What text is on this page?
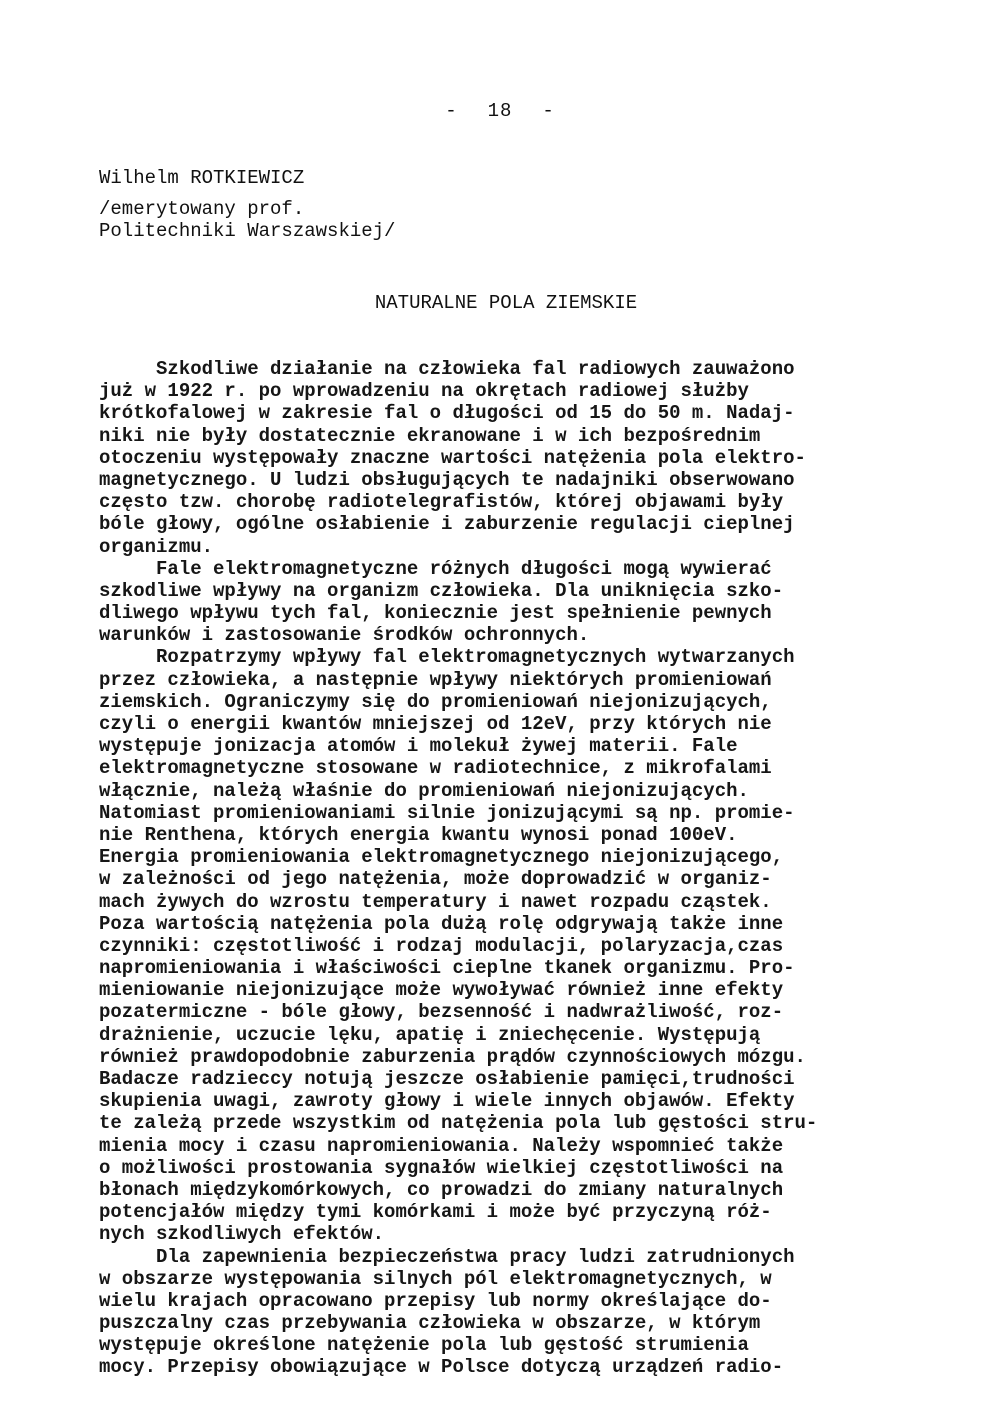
- 18 -
Wilhelm ROTKIEWICZ
/emerytowany prof.
Politechniki Warszawskiej/
NATURALNE POLA ZIEMSKIE
Szkodliwe działanie na człowieka fal radiowych zauważono
już w 1922 r. po wprowadzeniu na okrętach radiowej służby
krótkofalowej w zakresie fal o długości od 15 do 50 m. Nadaj-
niki nie były dostatecznie ekranowane i w ich bezpośrednim
otoczeniu występowały znaczne wartości natężenia pola elektro-
magnetycznego. U ludzi obsługujących te nadajniki obserwowano
często tzw. chorobę radiotelegrafistów, której objawami były
bóle głowy, ogólne osłabienie i zaburzenie regulacji cieplnej
organizmu.
Fale elektromagnetyczne różnych długości mogą wywierać
szkodliwe wpływy na organizm człowieka. Dla uniknięcia szko-
dliwego wpływu tych fal, koniecznie jest spełnienie pewnych
warunków i zastosowanie środków ochronnych.
Rozpatrzymy wpływy fal elektromagnetycznych wytwarzanych
przez człowieka, a następnie wpływy niektórych promieniowań
ziemskich. Ograniczymy się do promieniowań niejonizujących,
czyli o energii kwantów mniejszej od 12eV, przy których nie
występuje jonizacja atomów i molekuł żywej materii. Fale
elektromagnetyczne stosowane w radiotechnice, z mikrofalami
włącznie, należą właśnie do promieniowań niejonizujących.
Natomiast promieniowaniami silnie jonizującymi są np. promie-
nie Renthena, których energia kwantu wynosi ponad 100eV.
Energia promieniowania elektromagnetycznego niejonizującego,
w zależności od jego natężenia, może doprowadzić w organiz-
mach żywych do wzrostu temperatury i nawet rozpadu cząstek.
Poza wartością natężenia pola dużą rolę odgrywają także inne
czynniki: częstotliwość i rodzaj modulacji, polaryzacja,czas
napromieniowania i właściwości cieplne tkanek organizmu. Pro-
mieniowanie niejonizujące może wywoływać również inne efekty
pozatermiczne - bóle głowy, bezsenność i nadwrażliwość, roz-
drażnienie, uczucie lęku, apatię i zniechęcenie. Występują
również prawdopodobnie zaburzenia prądów czynnościowych mózgu.
Badacze radzieccy notują jeszcze osłabienie pamięci,trudności
skupienia uwagi, zawroty głowy i wiele innych objawów. Efekty
te zależą przede wszystkim od natężenia pola lub gęstości stru-
mienia mocy i czasu napromieniowania. Należy wspomnieć także
o możliwości prostowania sygnałów wielkiej częstotliwości na
błonach międzykomórkowych, co prowadzi do zmiany naturalnych
potencjałów między tymi komórkami i może być przyczyną róż-
nych szkodliwych efektów.
Dla zapewnienia bezpieczeństwa pracy ludzi zatrudnionych
w obszarze występowania silnych pól elektromagnetycznych, w
wielu krajach opracowano przepisy lub normy określające do-
puszczalny czas przebywania człowieka w obszarze, w którym
występuje określone natężenie pola lub gęstość strumienia
mocy. Przepisy obowiązujące w Polsce dotyczą urządzeń radio-
